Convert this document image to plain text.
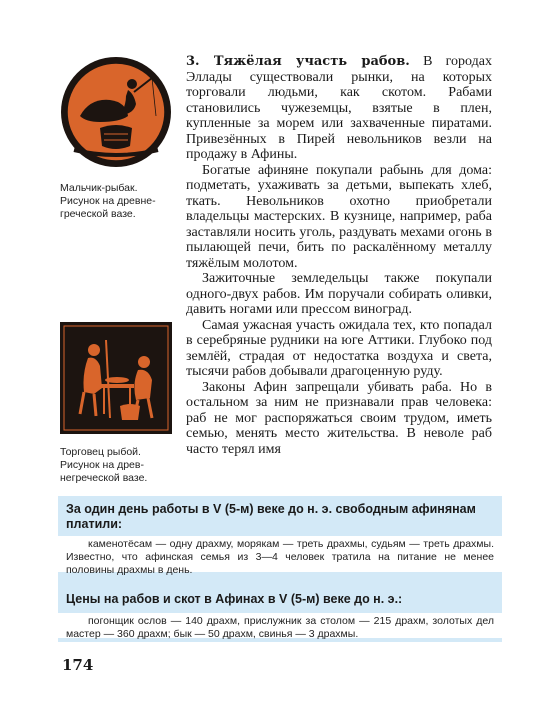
Мальчик-рыбак.
Рисунок на древне-
греческой вазе.
Торговец рыбой.
Рисунок на древ-
негреческой вазе.

3. Тяжёлая участь рабов. В городах Эллады существовали рынки, на которых торговали людьми, как скотом. Рабами становились чужеземцы, взятые в плен, купленные за морем или захваченные пиратами. Привезённых в Пирей невольников везли на продажу в Афины.

Богатые афиняне покупали рабынь для дома: подметать, ухаживать за детьми, выпекать хлеб, ткать. Невольников охотно приобретали владельцы мастерских. В кузнице, например, раба заставляли носить уголь, раздувать мехами огонь в пылающей печи, бить по раскалённому металлу тяжёлым молотом.

Зажиточные земледельцы также покупали одного-двух рабов. Им поручали собирать оливки, давить ногами или прессом виноград.

Самая ужасная участь ожидала тех, кто попадал в серебряные рудники на юге Аттики. Глубоко под землёй, страдая от недостатка воздуха и света, тысячи рабов добывали драгоценную руду.

Законы Афин запрещали убивать раба. Но в остальном за ним не признавали прав человека: раб не мог распоряжаться своим трудом, иметь семью, менять место жительства. В неволе раб часто терял имя

За один день работы в V (5-м) веке до н. э. свободным афинянам платили:
каменотёсам — одну драхму, морякам — треть драхмы, судьям — треть драхмы. Известно, что афинская семья из 3—4 человек тратила на питание не менее половины драхмы в день.
Цены на рабов и скот в Афинах в V (5-м) веке до н. э.:
погонщик ослов — 140 драхм, прислужник за столом — 215 драхм, золотых дел мастер — 360 драхм; бык — 50 драхм, свинья — 3 драхмы.
174
